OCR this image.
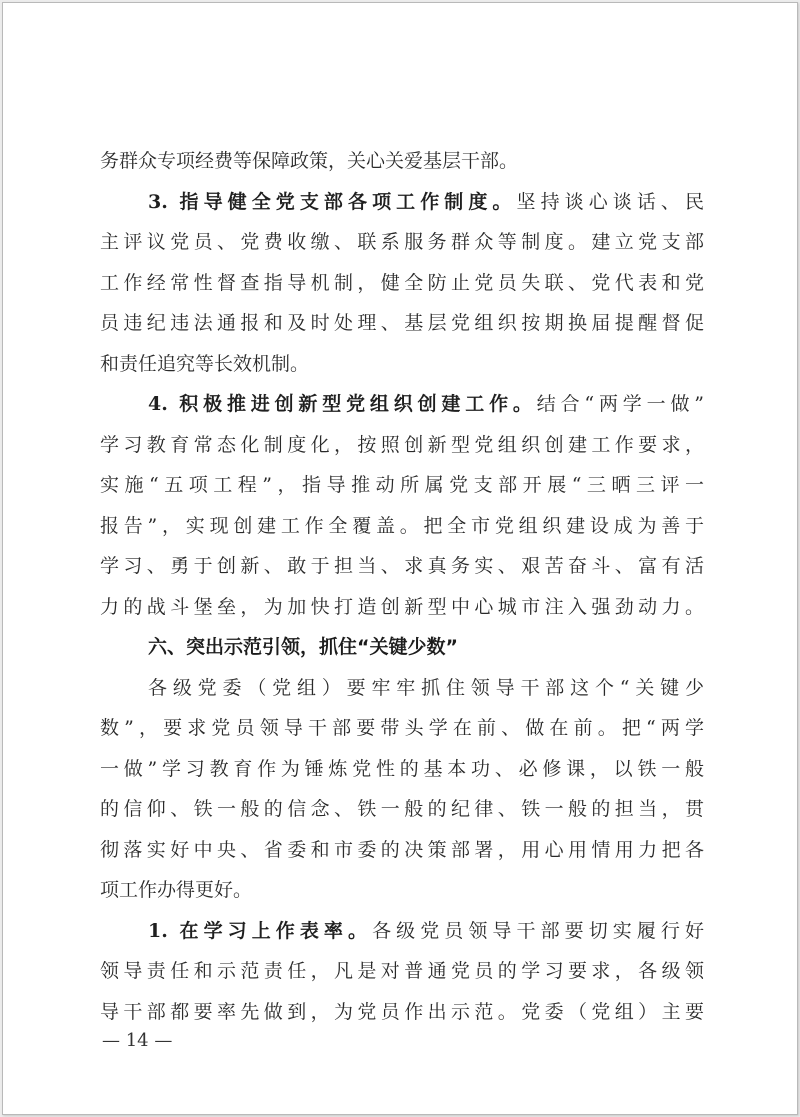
务群众专项经费等保障政策，关心关爱基层干部。
3. 指导健全党支部各项工作制度。坚持谈心谈话、民
主评议党员、党费收缴、联系服务群众等制度。建立党支部
工作经常性督查指导机制，健全防止党员失联、党代表和党
员违纪违法通报和及时处理、基层党组织按期换届提醒督促
和责任追究等长效机制。
4. 积极推进创新型党组织创建工作。结合“两学一做”
学习教育常态化制度化，按照创新型党组织创建工作要求，
实施“五项工程”，指导推动所属党支部开展“三晒三评一
报告”，实现创建工作全覆盖。把全市党组织建设成为善于
学习、勇于创新、敢于担当、求真务实、艰苦奋斗、富有活
力的战斗堡垒，为加快打造创新型中心城市注入强劲动力。
六、突出示范引领，抓住“关键少数”
各级党委（党组）要牢牢抓住领导干部这个“关键少
数”，要求党员领导干部要带头学在前、做在前。把“两学
一做”学习教育作为锤炼党性的基本功、必修课，以铁一般
的信仰、铁一般的信念、铁一般的纪律、铁一般的担当，贯
彻落实好中央、省委和市委的决策部署，用心用情用力把各
项工作办得更好。
1. 在学习上作表率。各级党员领导干部要切实履行好
领导责任和示范责任，凡是对普通党员的学习要求，各级领
导干部都要率先做到，为党员作出示范。党委（党组）主要
— 14 —
